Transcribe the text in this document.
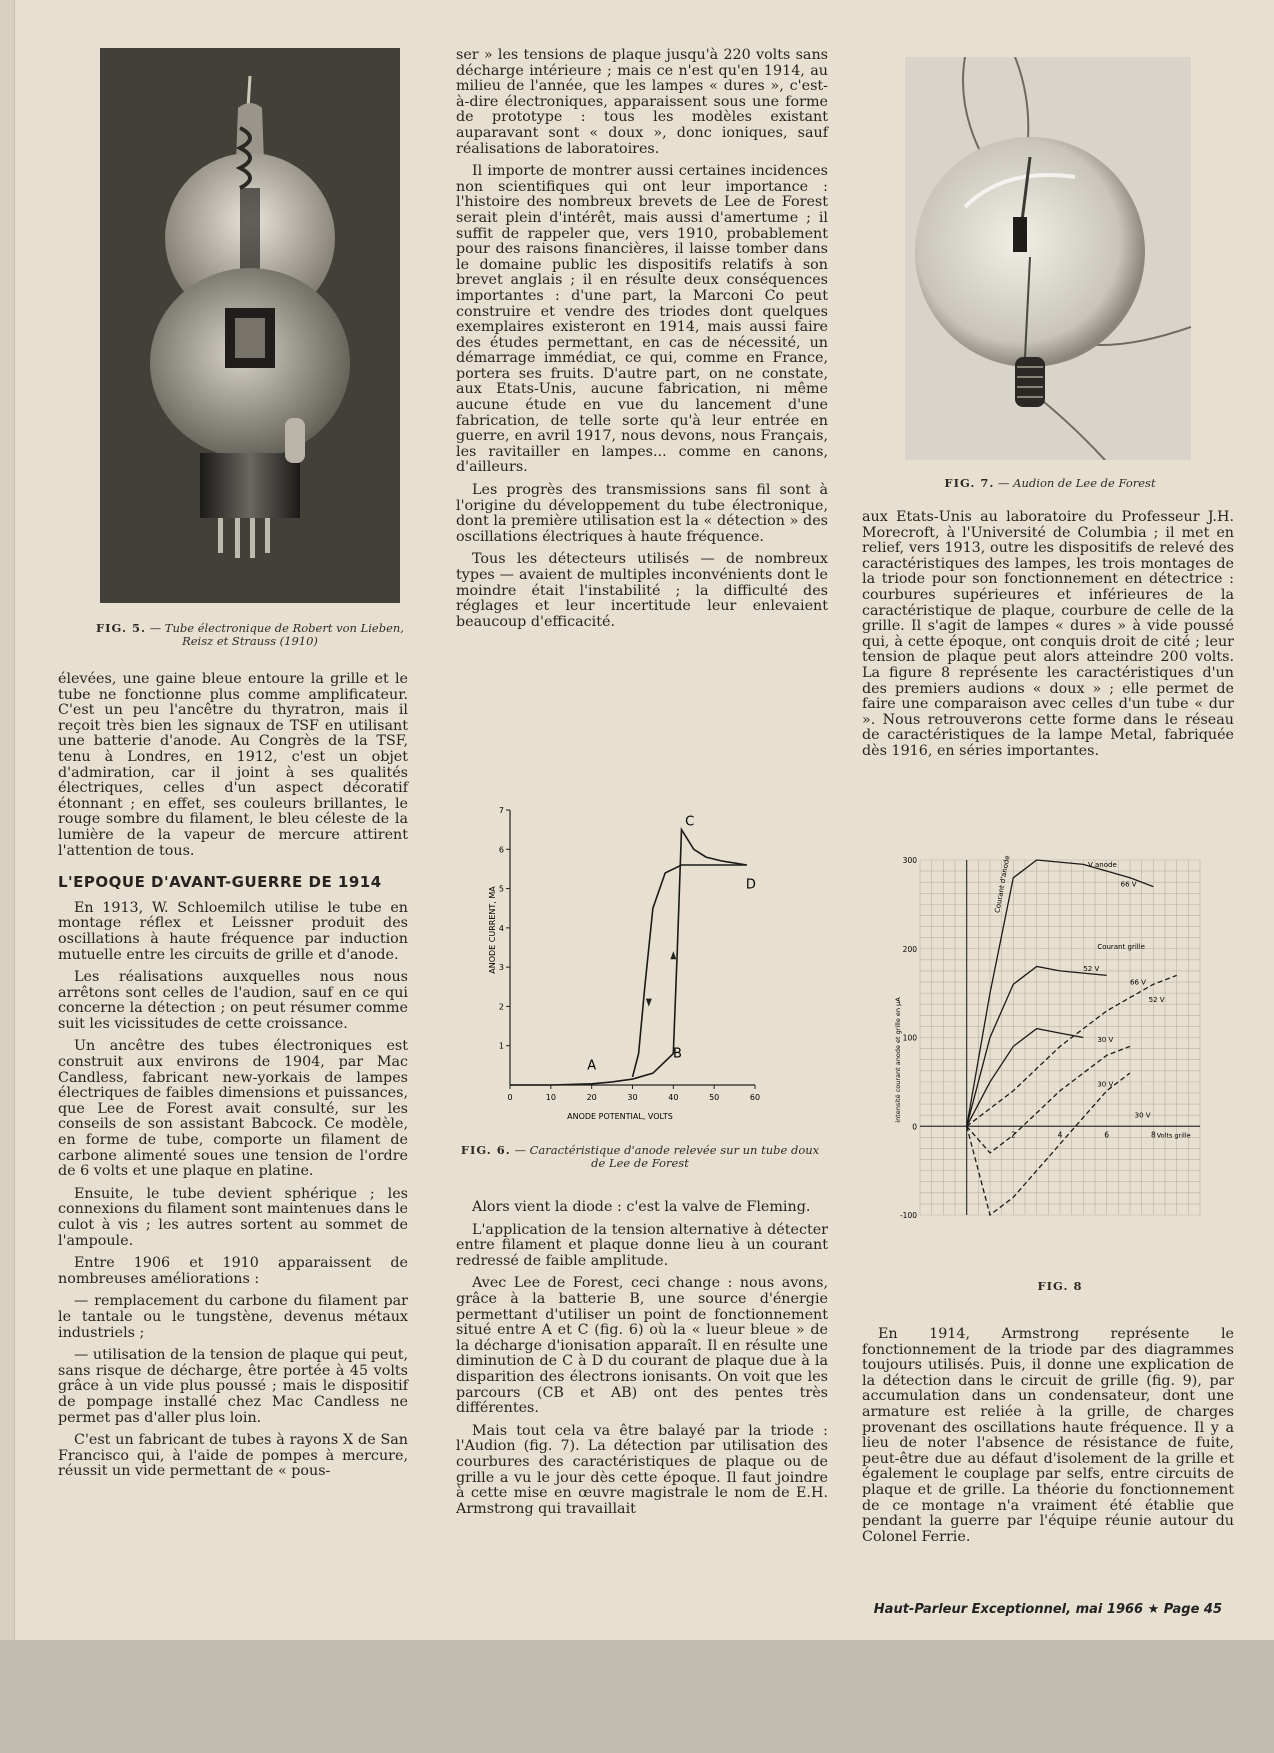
FIG. 5. — Tube électronique de Robert von Lieben, Reisz et Strauss (1910)

élevées, une gaine bleue entoure la grille et le tube ne fonctionne plus comme amplificateur. C'est un peu l'ancêtre du thyratron, mais il reçoit très bien les signaux de TSF en utilisant une batterie d'anode. Au Congrès de la TSF, tenu à Londres, en 1912, c'est un objet d'admiration, car il joint à ses qualités électriques, celles d'un aspect décoratif étonnant ; en effet, ses couleurs brillantes, le rouge sombre du filament, le bleu céleste de la lumière de la vapeur de mercure attirent l'attention de tous.

L'EPOQUE D'AVANT-GUERRE DE 1914

En 1913, W. Schloemilch utilise le tube en montage réflex et Leissner produit des oscillations à haute fréquence par induction mutuelle entre les circuits de grille et d'anode.

Les réalisations auxquelles nous nous arrêtons sont celles de l'audion, sauf en ce qui concerne la détection ; on peut résumer comme suit les vicissitudes de cette croissance.

Un ancêtre des tubes électroniques est construit aux environs de 1904, par Mac Candless, fabricant new-yorkais de lampes électriques de faibles dimensions et puissances, que Lee de Forest avait consulté, sur les conseils de son assistant Babcock. Ce modèle, en forme de tube, comporte un filament de carbone alimenté soues une tension de l'ordre de 6 volts et une plaque en platine.

Ensuite, le tube devient sphérique ; les connexions du filament sont maintenues dans le culot à vis ; les autres sortent au sommet de l'ampoule.

Entre 1906 et 1910 apparaissent de nombreuses améliorations :

— remplacement du carbone du filament par le tantale ou le tungstène, devenus métaux industriels ;

— utilisation de la tension de plaque qui peut, sans risque de décharge, être portée à 45 volts grâce à un vide plus poussé ; mais le dispositif de pompage installé chez Mac Candless ne permet pas d'aller plus loin.

C'est un fabricant de tubes à rayons X de San Francisco qui, à l'aide de pompes à mercure, réussit un vide permettant de « pous-

ser » les tensions de plaque jusqu'à 220 volts sans décharge intérieure ; mais ce n'est qu'en 1914, au milieu de l'année, que les lampes « dures », c'est-à-dire électroniques, apparaissent sous une forme de prototype : tous les modèles existant auparavant sont « doux », donc ioniques, sauf réalisations de laboratoires.

Il importe de montrer aussi certaines incidences non scientifiques qui ont leur importance : l'histoire des nombreux brevets de Lee de Forest serait plein d'intérêt, mais aussi d'amertume ; il suffit de rappeler que, vers 1910, probablement pour des raisons financières, il laisse tomber dans le domaine public les dispositifs relatifs à son brevet anglais ; il en résulte deux conséquences importantes : d'une part, la Marconi Co peut construire et vendre des triodes dont quelques exemplaires existeront en 1914, mais aussi faire des études permettant, en cas de nécessité, un démarrage immédiat, ce qui, comme en France, portera ses fruits. D'autre part, on ne constate, aux Etats-Unis, aucune fabrication, ni même aucune étude en vue du lancement d'une fabrication, de telle sorte qu'à leur entrée en guerre, en avril 1917, nous devons, nous Français, les ravitailler en lampes... comme en canons, d'ailleurs.

Les progrès des transmissions sans fil sont à l'origine du développement du tube électronique, dont la première utilisation est la « détection » des oscillations électriques à haute fréquence.

Tous les détecteurs utilisés — de nombreux types — avaient de multiples inconvénients dont le moindre était l'instabilité ; la difficulté des réglages et leur incertitude leur enlevaient beaucoup d'efficacité.

ANODE CURRENT, MA
ANODE POTENTIAL, VOLTS
0	10	20	30	40	50	60
1
2
3
4
5
6
7
A
B
C
D
FIG. 6. — Caractéristique d'anode relevée sur un tube doux de Lee de Forest

Alors vient la diode : c'est la valve de Fleming.

L'application de la tension alternative à détecter entre filament et plaque donne lieu à un courant redressé de faible amplitude.

Avec Lee de Forest, ceci change : nous avons, grâce à la batterie B, une source d'énergie permettant d'utiliser un point de fonctionnement situé entre A et C (fig. 6) où la « lueur bleue » de la décharge d'ionisation apparaît. Il en résulte une diminution de C à D du courant de plaque due à la disparition des électrons ionisants. On voit que les parcours (CB et AB) ont des pentes très différentes.

Mais tout cela va être balayé par la triode : l'Audion (fig. 7). La détection par utilisation des courbures des caractéristiques de plaque ou de grille a vu le jour dès cette époque. Il faut joindre à cette mise en œuvre magistrale le nom de E.H. Armstrong qui travaillait

FIG. 7. — Audion de Lee de Forest

aux Etats-Unis au laboratoire du Professeur J.H. Morecroft, à l'Université de Columbia ; il met en relief, vers 1913, outre les dispositifs de relevé des caractéristiques des lampes, les trois montages de la triode pour son fonctionnement en détectrice : courbures supérieures et inférieures de la caractéristique de plaque, courbure de celle de la grille. Il s'agit de lampes « dures » à vide poussé qui, à cette époque, ont conquis droit de cité ; leur tension de plaque peut alors atteindre 200 volts. La figure 8 représente les caractéristiques d'un des premiers audions « doux » ; elle permet de faire une comparaison avec celles d'un tube « dur ». Nous retrouverons cette forme dans le réseau de caractéristiques de la lampe Metal, fabriquée dès 1916, en séries importantes.

intensité courant anode et grille en µA
300
200
100
0
-100
2	4	6	8 Volts grille
V anode
Courant d'anode
Courant grille
66 V
52 V
30 V
66 V
52 V
30 V
30 V
FIG. 8

En 1914, Armstrong représente le fonctionnement de la triode par des diagrammes toujours utilisés. Puis, il donne une explication de la détection dans le circuit de grille (fig. 9), par accumulation dans un condensateur, dont une armature est reliée à la grille, de charges provenant des oscillations haute fréquence. Il y a lieu de noter l'absence de résistance de fuite, peut-être due au défaut d'isolement de la grille et également le couplage par selfs, entre circuits de plaque et de grille. La théorie du fonctionnement de ce montage n'a vraiment été établie que pendant la guerre par l'équipe réunie autour du Colonel Ferrie.

Haut-Parleur Exceptionnel, mai 1966 ★ Page 45
